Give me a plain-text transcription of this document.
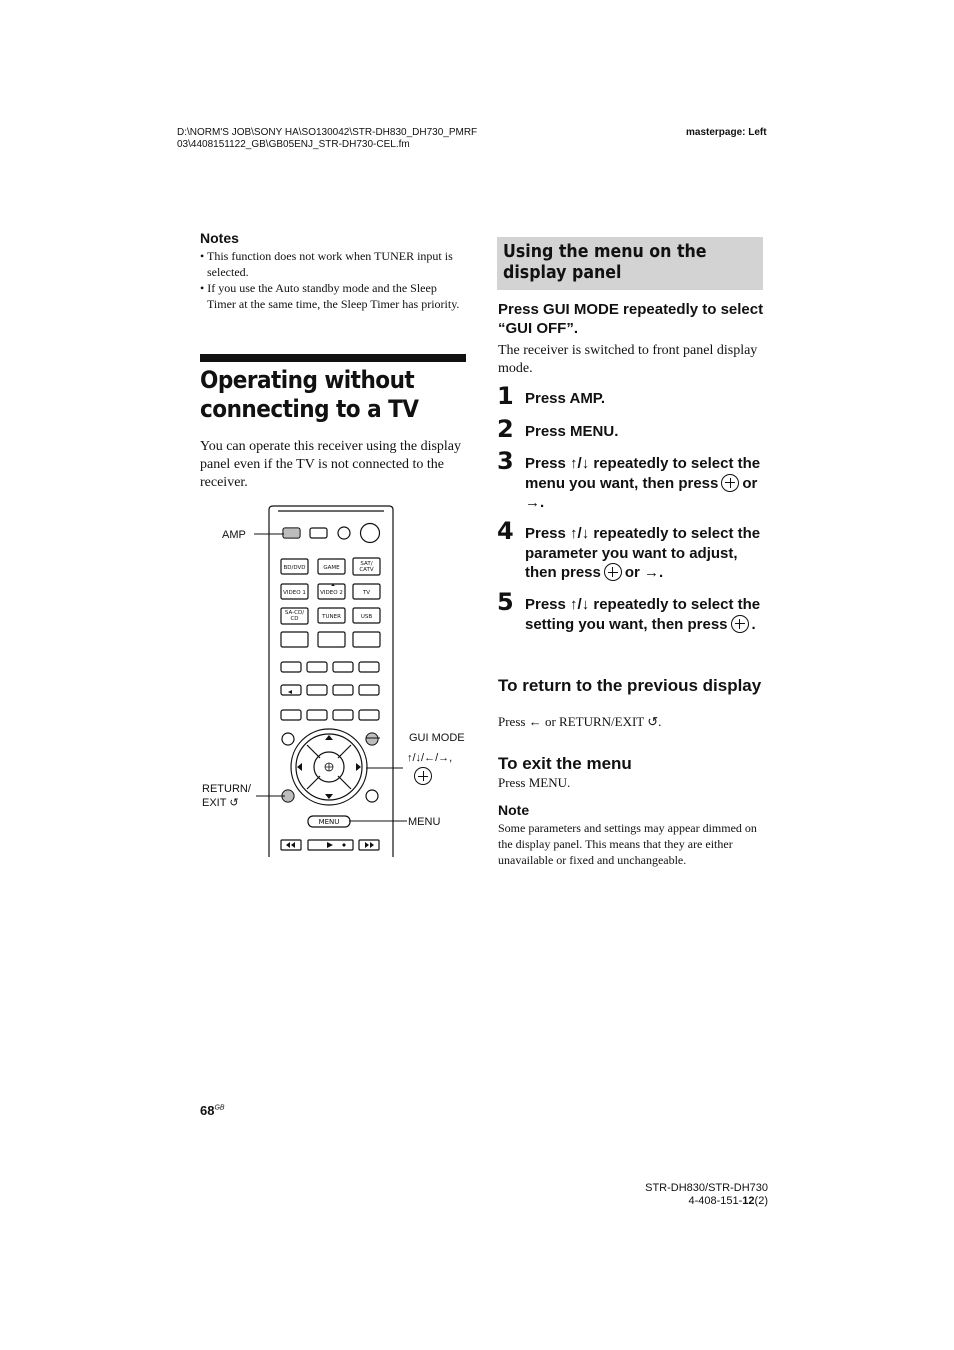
D:\NORM'S JOB\SONY HA\SO130042\STR-DH830_DH730_PMRF
03\4408151122_GB\GB05ENJ_STR-DH730-CEL.fm
masterpage: Left
Notes
• This function does not work when TUNER input is selected.
• If you use the Auto standby mode and the Sleep Timer at the same time, the Sleep Timer has priority.
Operating without connecting to a TV
You can operate this receiver using the display panel even if the TV is not connected to the receiver.
BD/DVD	GAME
SAT/
CATV
VIDEO 1	VIDEO 2	TV
SA-CD/
CD	TUNER	USB
MENU
AMP
GUI MODE
↑/↓/←/→,
RETURN/
EXIT ↺
MENU
Using the menu on the display panel
Press GUI MODE repeatedly to select “GUI OFF”.
The receiver is switched to front panel display mode.
1 Press AMP.
2 Press MENU.
3 Press ↑/↓ repeatedly to select the menu you want, then press or →.
4 Press ↑/↓ repeatedly to select the parameter you want to adjust, then press or →.
5 Press ↑/↓ repeatedly to select the setting you want, then press .
To return to the previous display
Press ← or RETURN/EXIT ↺.
To exit the menu
Press MENU.
Note
Some parameters and settings may appear dimmed on the display panel. This means that they are either unavailable or fixed and unchangeable.
$68^{GB}$
STR-DH830/STR-DH730
4-408-151-12(2)
